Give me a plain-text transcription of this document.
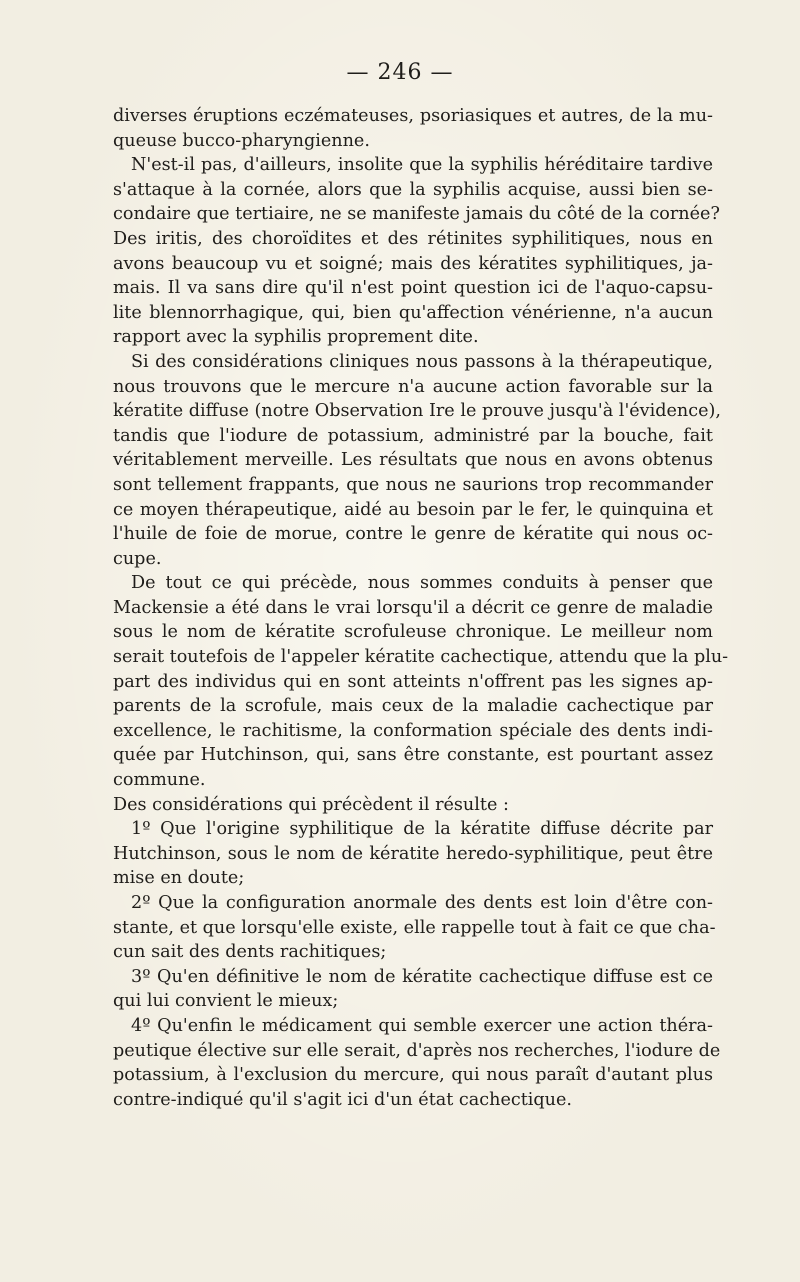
— 246 —

diverses éruptions eczémateuses, psoriasiques et autres, de la mu-
queuse bucco-pharyngienne.
N'est-il pas, d'ailleurs, insolite que la syphilis héréditaire tardive
s'attaque à la cornée, alors que la syphilis acquise, aussi bien se-
condaire que tertiaire, ne se manifeste jamais du côté de la cornée?
Des iritis, des choroïdites et des rétinites syphilitiques, nous en
avons beaucoup vu et soigné; mais des kératites syphilitiques, ja-
mais. Il va sans dire qu'il n'est point question ici de l'aquo-capsu-
lite blennorrhagique, qui, bien qu'affection vénérienne, n'a aucun
rapport avec la syphilis proprement dite.
Si des considérations cliniques nous passons à la thérapeutique,
nous trouvons que le mercure n'a aucune action favorable sur la
kératite diffuse (notre Observation Ire le prouve jusqu'à l'évidence),
tandis que l'iodure de potassium, administré par la bouche, fait
véritablement merveille. Les résultats que nous en avons obtenus
sont tellement frappants, que nous ne saurions trop recommander
ce moyen thérapeutique, aidé au besoin par le fer, le quinquina et
l'huile de foie de morue, contre le genre de kératite qui nous oc-
cupe.
De tout ce qui précède, nous sommes conduits à penser que
Mackensie a été dans le vrai lorsqu'il a décrit ce genre de maladie
sous le nom de kératite scrofuleuse chronique. Le meilleur nom
serait toutefois de l'appeler kératite cachectique, attendu que la plu-
part des individus qui en sont atteints n'offrent pas les signes ap-
parents de la scrofule, mais ceux de la maladie cachectique par
excellence, le rachitisme, la conformation spéciale des dents indi-
quée par Hutchinson, qui, sans être constante, est pourtant assez
commune.
Des considérations qui précèdent il résulte :
1º Que l'origine syphilitique de la kératite diffuse décrite par
Hutchinson, sous le nom de kératite heredo-syphilitique, peut être
mise en doute;
2º Que la configuration anormale des dents est loin d'être con-
stante, et que lorsqu'elle existe, elle rappelle tout à fait ce que cha-
cun sait des dents rachitiques;
3º Qu'en définitive le nom de kératite cachectique diffuse est ce
qui lui convient le mieux;
4º Qu'enfin le médicament qui semble exercer une action théra-
peutique élective sur elle serait, d'après nos recherches, l'iodure de
potassium, à l'exclusion du mercure, qui nous paraît d'autant plus
contre-indiqué qu'il s'agit ici d'un état cachectique.
